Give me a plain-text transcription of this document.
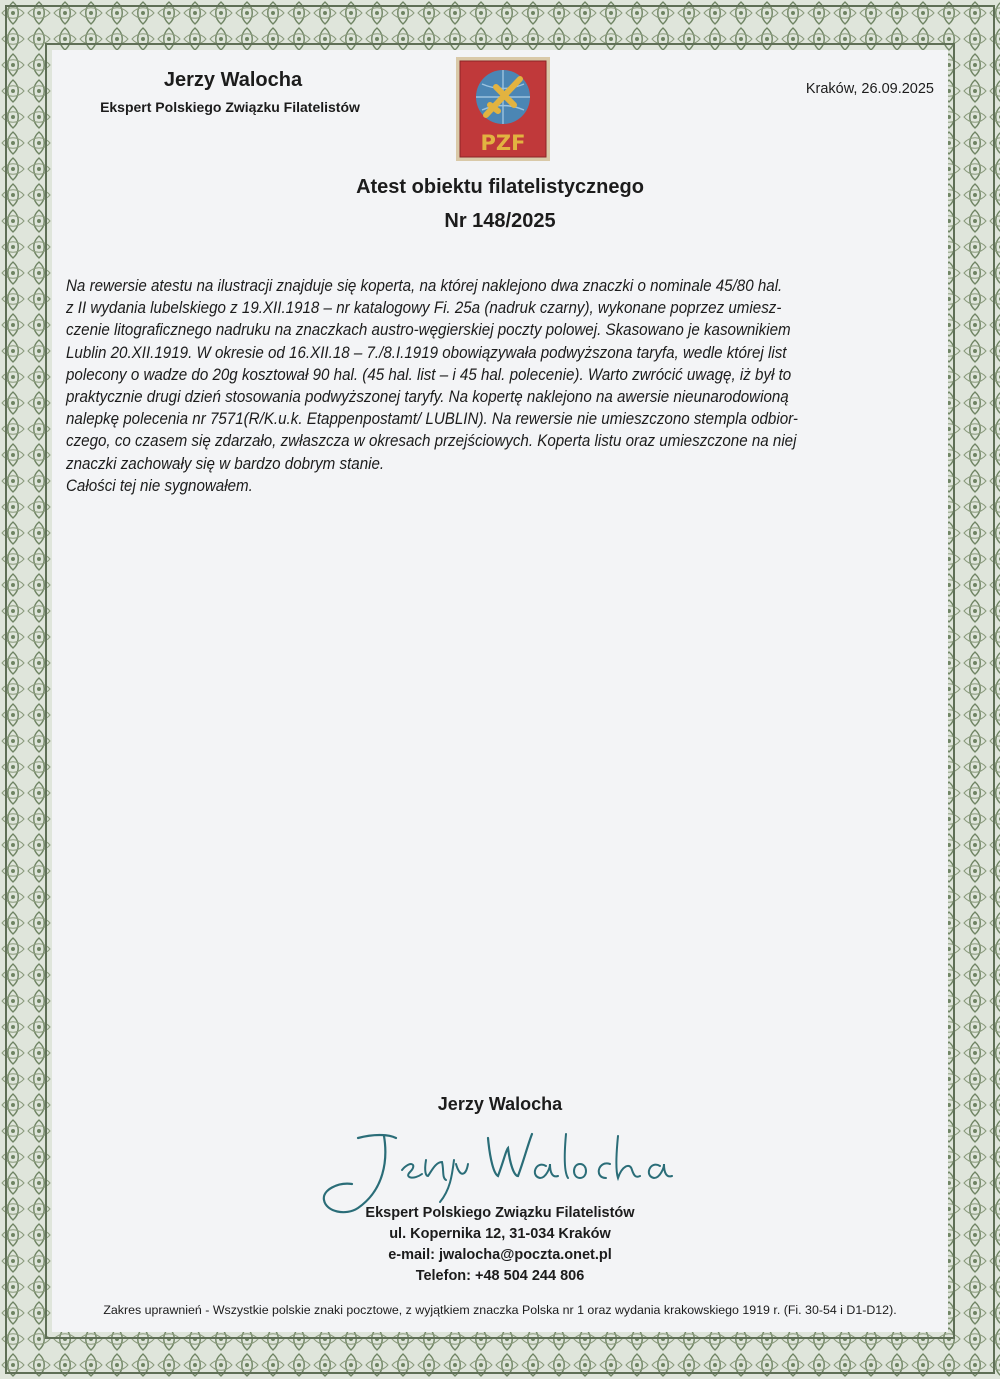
Jerzy Walocha
Ekspert Polskiego Związku Filatelistów
Kraków, 26.09.2025
PZF
Atest obiektu filatelistycznego
Nr 148/2025

Na rewersie atestu na ilustracji znajduje się koperta, na której naklejono dwa znaczki o nominale 45/80 hal.

z II wydania lubelskiego z 19.XII.1918 – nr katalogowy Fi. 25a (nadruk czarny), wykonane poprzez umiesz-

czenie litograficznego nadruku na znaczkach austro-węgierskiej poczty polowej. Skasowano je kasownikiem

Lublin 20.XII.1919. W okresie od 16.XII.18 – 7./8.I.1919 obowiązywała podwyższona taryfa, wedle której list

polecony o wadze do 20g kosztował 90 hal. (45 hal. list – i 45 hal. polecenie). Warto zwrócić uwagę, iż był to

praktycznie drugi dzień stosowania podwyższonej taryfy. Na kopertę naklejono na awersie nieunarodowioną

nalepkę polecenia nr 7571(R/K.u.k. Etappenpostamt/ LUBLIN). Na rewersie nie umieszczono stempla odbior-

czego, co czasem się zdarzało, zwłaszcza w okresach przejściowych. Koperta listu oraz umieszczone na niej

znaczki zachowały się w bardzo dobrym stanie.

Całości tej nie sygnowałem.

Jerzy Walocha
Ekspert Polskiego Związku Filatelistów
ul. Kopernika 12, 31-034 Kraków
e-mail: jwalocha@poczta.onet.pl
Telefon: +48 504 244 806
Zakres uprawnień - Wszystkie polskie znaki pocztowe, z wyjątkiem znaczka Polska nr 1 oraz wydania krakowskiego 1919 r. (Fi. 30-54 i D1-D12).
